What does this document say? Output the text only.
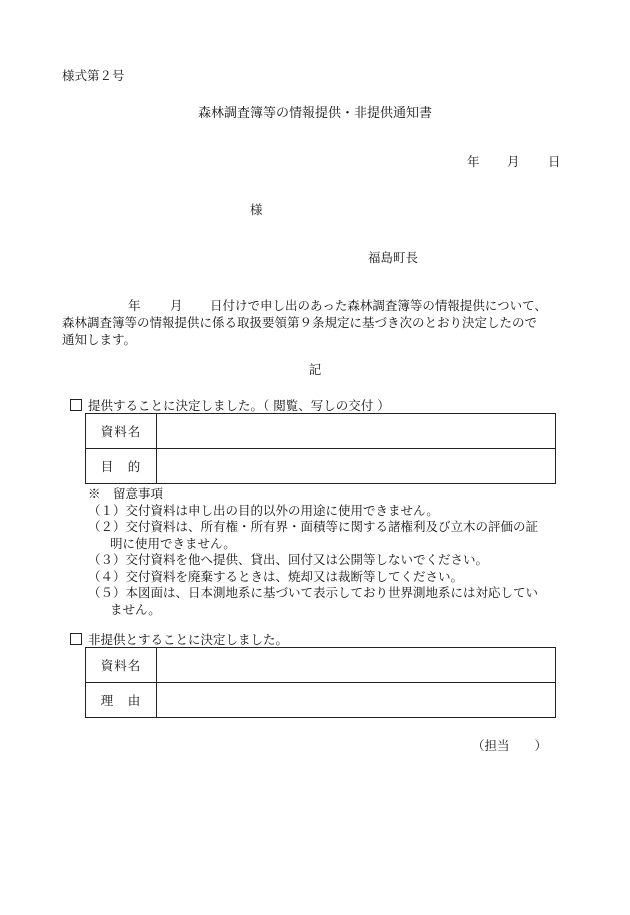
様式第２号
森林調査簿等の情報提供・非提供通知書
年 月 日
様
福島町長
年 月 日付けで申し出のあった森林調査簿等の情報提供について、
森林調査簿等の情報提供に係る取扱要領第９条規定に基づき次のとおり決定したので
通知します。
記
提供することに決定しました。（ 閲覧、写しの交付 ）
資料名	
目　的	
※　留意事項
（１）交付資料は申し出の目的以外の用途に使用できません。
（２）交付資料は、所有権・所有界・面積等に関する諸権利及び立木の評価の証
明に使用できません。
（３）交付資料を他へ提供、貸出、回付又は公開等しないでください。
（４）交付資料を廃棄するときは、焼却又は裁断等してください。
（５）本図面は、日本測地系に基づいて表示しており世界測地系には対応してい
ません。
非提供とすることに決定しました。
資料名	
理　由	
（担当　　）
